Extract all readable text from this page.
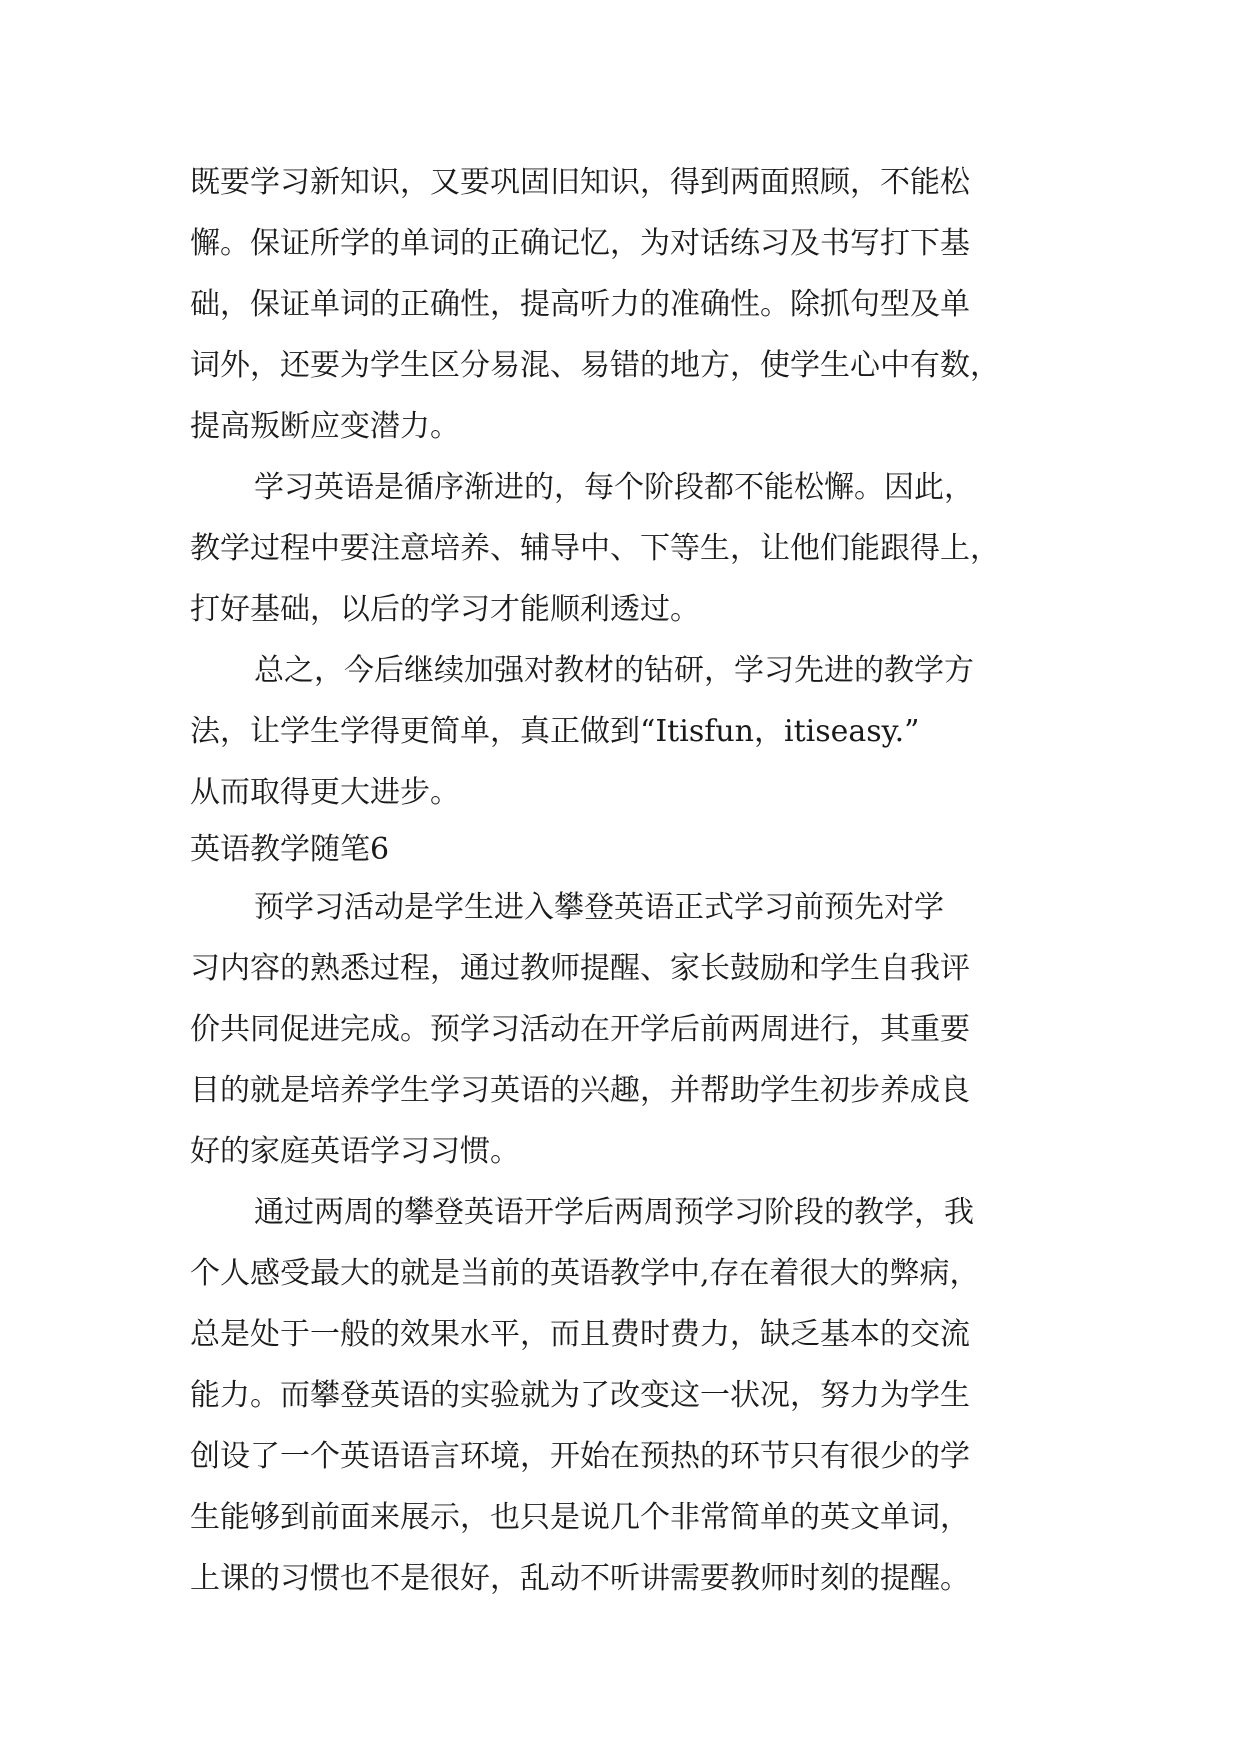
既要学习新知识，又要巩固旧知识，得到两面照顾，不能松
懈。保证所学的单词的正确记忆，为对话练习及书写打下基
础，保证单词的正确性，提高听力的准确性。除抓句型及单
词外，还要为学生区分易混、易错的地方，使学生心中有数，
提高叛断应变潜力。
学习英语是循序渐进的，每个阶段都不能松懈。因此，
教学过程中要注意培养、辅导中、下等生，让他们能跟得上，
打好基础，以后的学习才能顺利透过。
总之，今后继续加强对教材的钻研，学习先进的教学方
法，让学生学得更简单，真正做到“Itisfun，itiseasy.”
从而取得更大进步。
英语教学随笔6
预学习活动是学生进入攀登英语正式学习前预先对学
习内容的熟悉过程，通过教师提醒、家长鼓励和学生自我评
价共同促进完成。预学习活动在开学后前两周进行，其重要
目的就是培养学生学习英语的兴趣，并帮助学生初步养成良
好的家庭英语学习习惯。
通过两周的攀登英语开学后两周预学习阶段的教学，我
个人感受最大的就是当前的英语教学中,存在着很大的弊病，
总是处于一般的效果水平，而且费时费力，缺乏基本的交流
能力。而攀登英语的实验就为了改变这一状况，努力为学生
创设了一个英语语言环境，开始在预热的环节只有很少的学
生能够到前面来展示，也只是说几个非常简单的英文单词，
上课的习惯也不是很好，乱动不听讲需要教师时刻的提醒。
